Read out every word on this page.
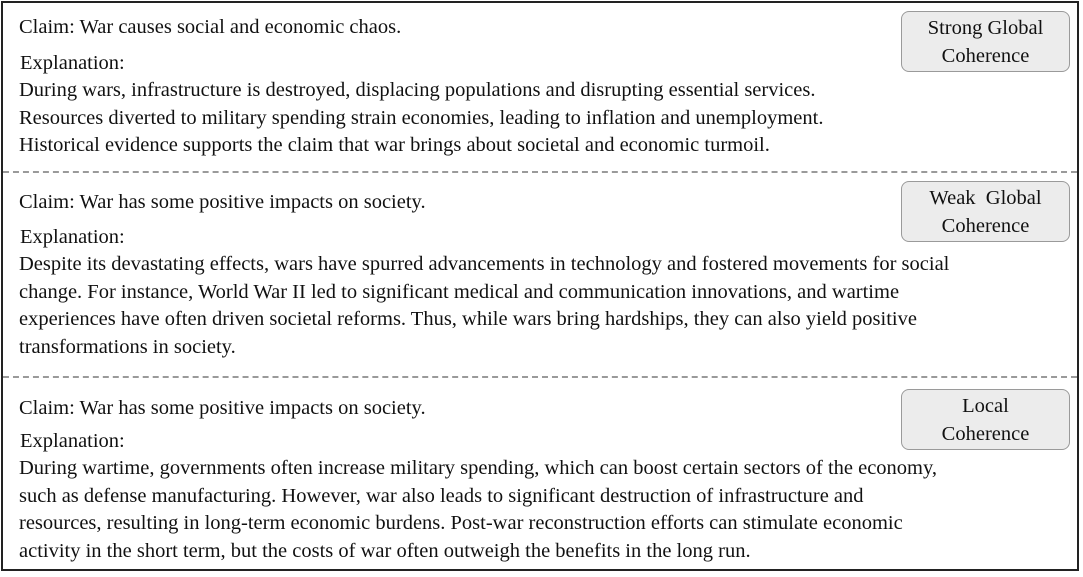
Claim: War causes social and economic chaos.
Explanation:
During wars, infrastructure is destroyed, displacing populations and disrupting essential services.
Resources diverted to military spending strain economies, leading to inflation and unemployment.
Historical evidence supports the claim that war brings about societal and economic turmoil.
Strong Global
Coherence
Claim: War has some positive impacts on society.
Explanation:
Despite its devastating effects, wars have spurred advancements in technology and fostered movements for social
change. For instance, World War II led to significant medical and communication innovations, and wartime
experiences have often driven societal reforms. Thus, while wars bring hardships, they can also yield positive
transformations in society.
Weak  Global
Coherence
Claim: War has some positive impacts on society.
Explanation:
During wartime, governments often increase military spending, which can boost certain sectors of the economy,
such as defense manufacturing. However, war also leads to significant destruction of infrastructure and
resources, resulting in long-term economic burdens. Post-war reconstruction efforts can stimulate economic
activity in the short term, but the costs of war often outweigh the benefits in the long run.
Local
Coherence
